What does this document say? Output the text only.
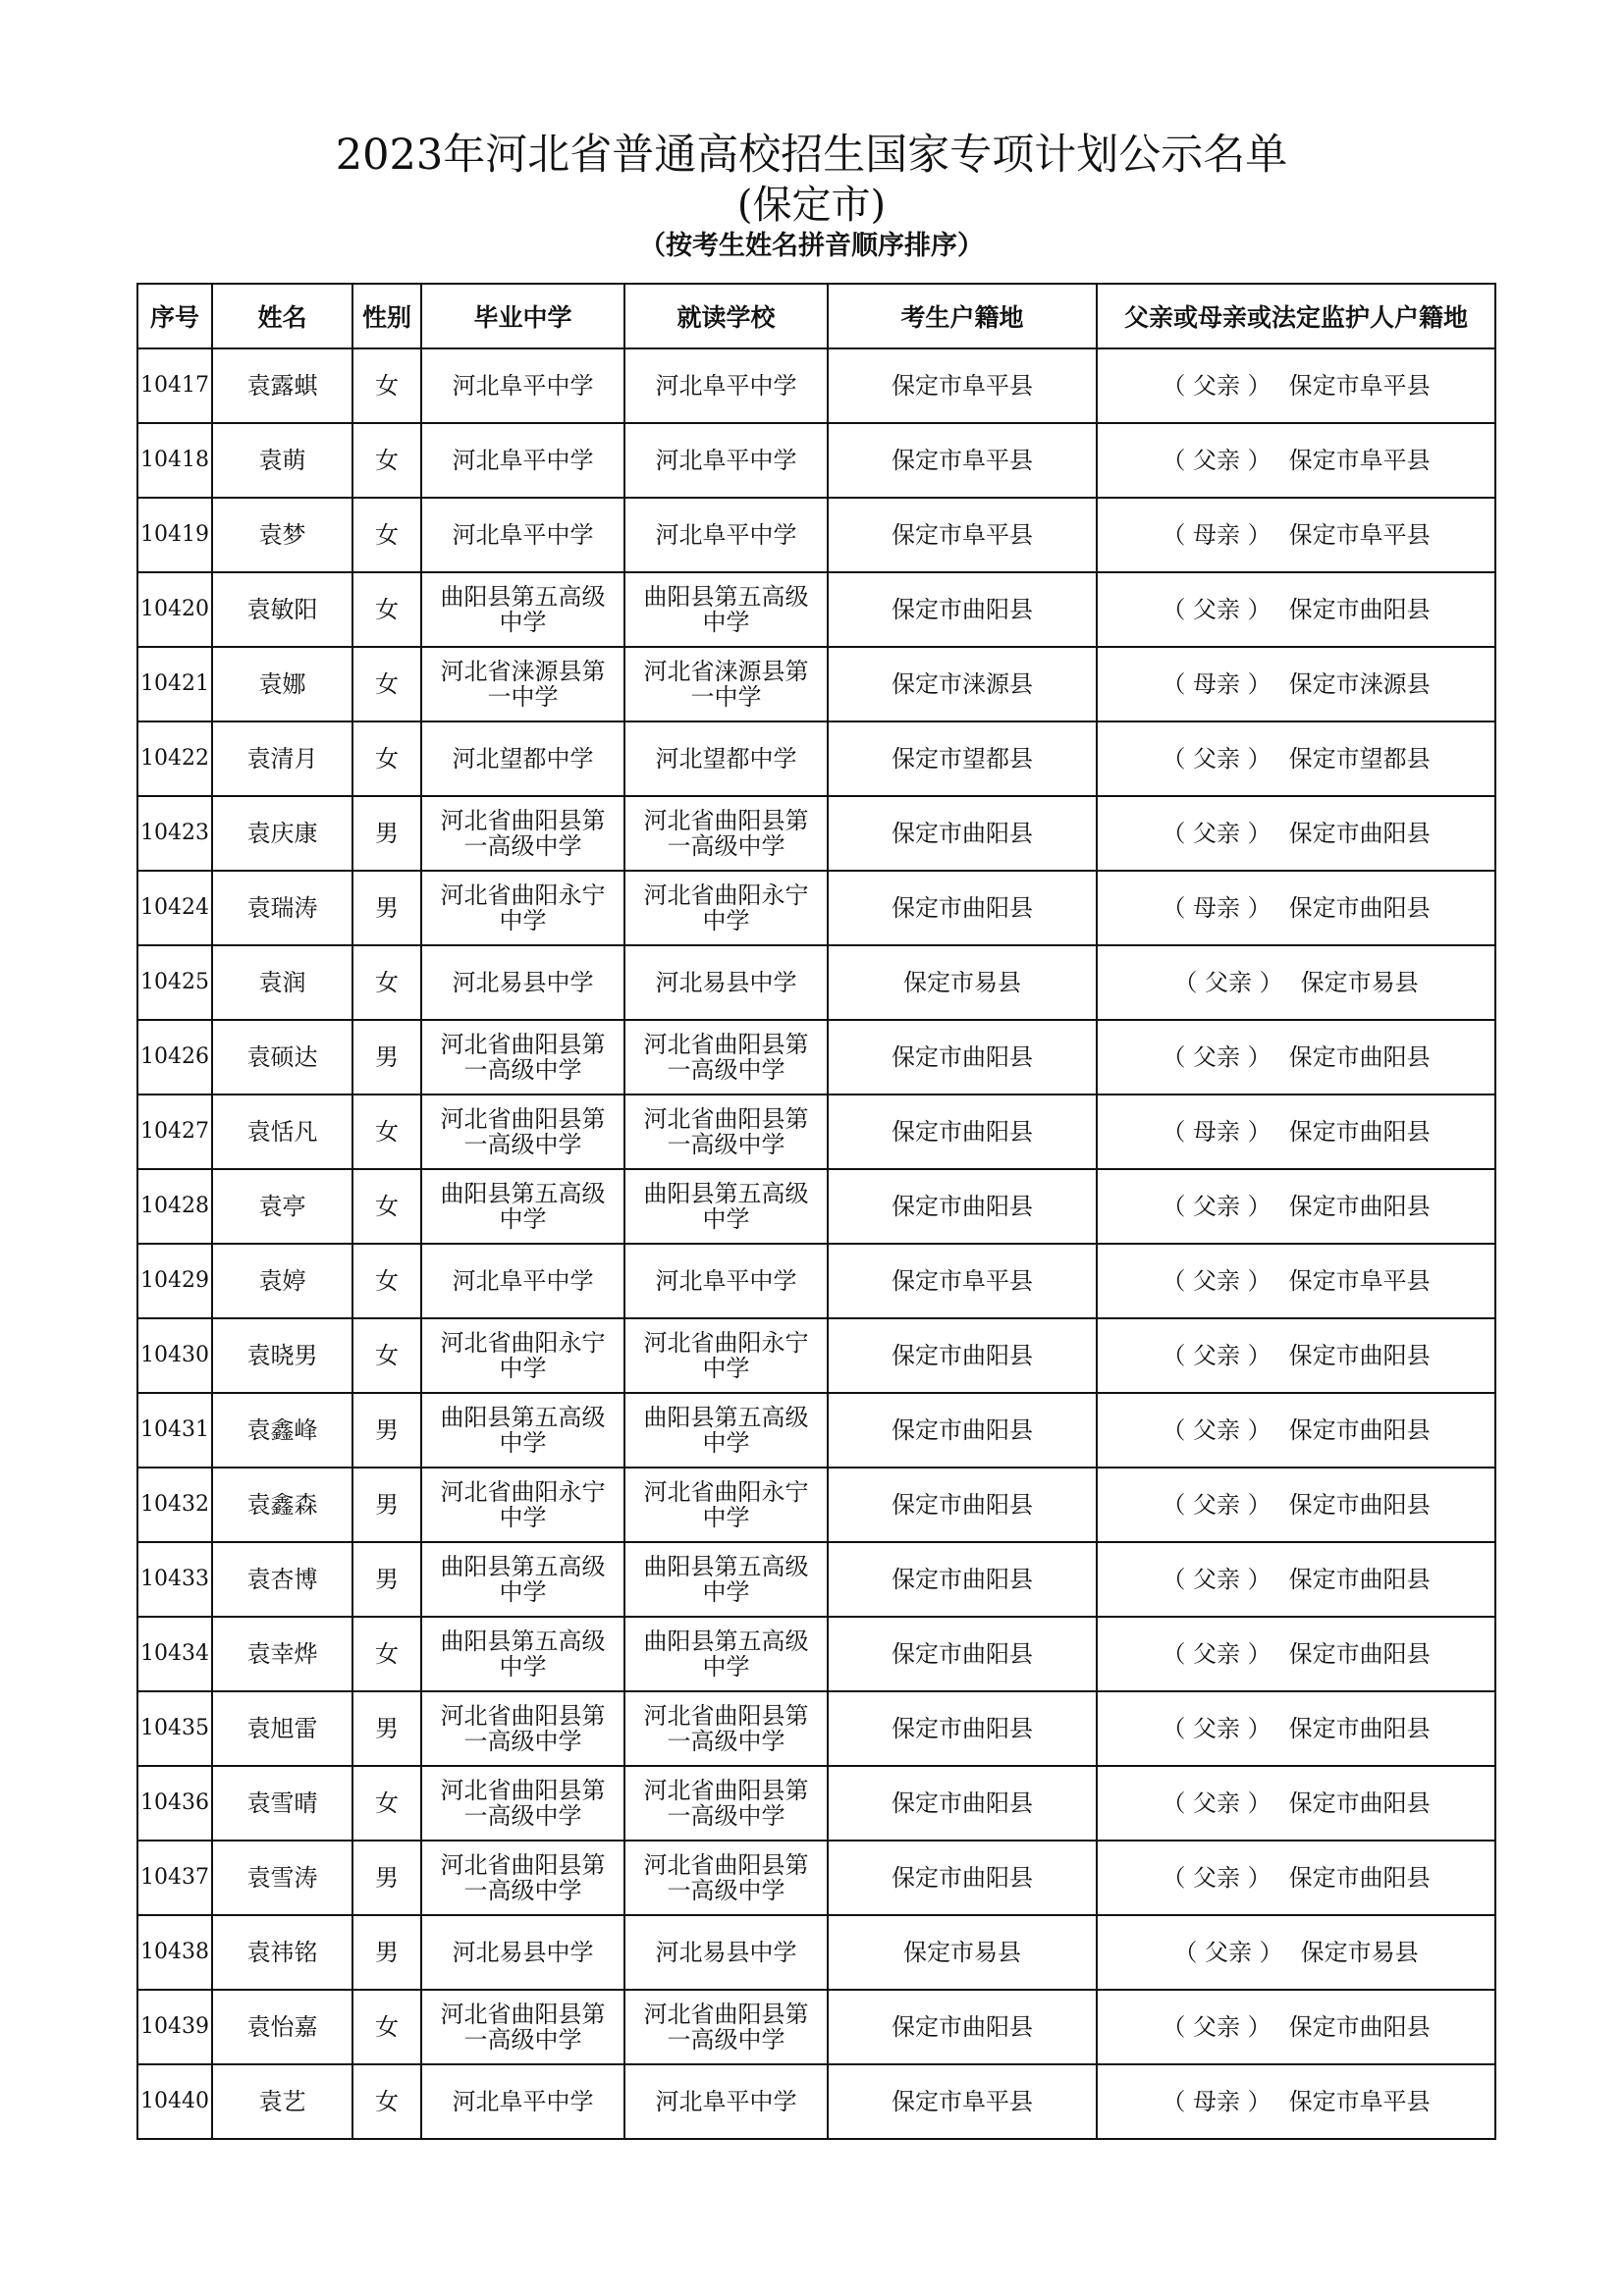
2023年河北省普通高校招生国家专项计划公示名单
(保定市)
（按考生姓名拼音顺序排序）
序号	姓名	性别	毕业中学	就读学校	考生户籍地	父亲或母亲或法定监护人户籍地
10417	袁露蜞	女	河北阜平中学	河北阜平中学	保定市阜平县	（ 父亲 ） 保定市阜平县
10418	袁萌	女	河北阜平中学	河北阜平中学	保定市阜平县	（ 父亲 ） 保定市阜平县
10419	袁梦	女	河北阜平中学	河北阜平中学	保定市阜平县	（ 母亲 ） 保定市阜平县
10420	袁敏阳	女	曲阳县第五高级中学	曲阳县第五高级中学	保定市曲阳县	（ 父亲 ） 保定市曲阳县
10421	袁娜	女	河北省涞源县第一中学	河北省涞源县第一中学	保定市涞源县	（ 母亲 ） 保定市涞源县
10422	袁清月	女	河北望都中学	河北望都中学	保定市望都县	（ 父亲 ） 保定市望都县
10423	袁庆康	男	河北省曲阳县第一高级中学	河北省曲阳县第一高级中学	保定市曲阳县	（ 父亲 ） 保定市曲阳县
10424	袁瑞涛	男	河北省曲阳永宁中学	河北省曲阳永宁中学	保定市曲阳县	（ 母亲 ） 保定市曲阳县
10425	袁润	女	河北易县中学	河北易县中学	保定市易县	（ 父亲 ） 保定市易县
10426	袁硕达	男	河北省曲阳县第一高级中学	河北省曲阳县第一高级中学	保定市曲阳县	（ 父亲 ） 保定市曲阳县
10427	袁恬凡	女	河北省曲阳县第一高级中学	河北省曲阳县第一高级中学	保定市曲阳县	（ 母亲 ） 保定市曲阳县
10428	袁亭	女	曲阳县第五高级中学	曲阳县第五高级中学	保定市曲阳县	（ 父亲 ） 保定市曲阳县
10429	袁婷	女	河北阜平中学	河北阜平中学	保定市阜平县	（ 父亲 ） 保定市阜平县
10430	袁晓男	女	河北省曲阳永宁中学	河北省曲阳永宁中学	保定市曲阳县	（ 父亲 ） 保定市曲阳县
10431	袁鑫峰	男	曲阳县第五高级中学	曲阳县第五高级中学	保定市曲阳县	（ 父亲 ） 保定市曲阳县
10432	袁鑫森	男	河北省曲阳永宁中学	河北省曲阳永宁中学	保定市曲阳县	（ 父亲 ） 保定市曲阳县
10433	袁杏博	男	曲阳县第五高级中学	曲阳县第五高级中学	保定市曲阳县	（ 父亲 ） 保定市曲阳县
10434	袁幸烨	女	曲阳县第五高级中学	曲阳县第五高级中学	保定市曲阳县	（ 父亲 ） 保定市曲阳县
10435	袁旭雷	男	河北省曲阳县第一高级中学	河北省曲阳县第一高级中学	保定市曲阳县	（ 父亲 ） 保定市曲阳县
10436	袁雪晴	女	河北省曲阳县第一高级中学	河北省曲阳县第一高级中学	保定市曲阳县	（ 父亲 ） 保定市曲阳县
10437	袁雪涛	男	河北省曲阳县第一高级中学	河北省曲阳县第一高级中学	保定市曲阳县	（ 父亲 ） 保定市曲阳县
10438	袁祎铭	男	河北易县中学	河北易县中学	保定市易县	（ 父亲 ） 保定市易县
10439	袁怡嘉	女	河北省曲阳县第一高级中学	河北省曲阳县第一高级中学	保定市曲阳县	（ 父亲 ） 保定市曲阳县
10440	袁艺	女	河北阜平中学	河北阜平中学	保定市阜平县	（ 母亲 ） 保定市阜平县
